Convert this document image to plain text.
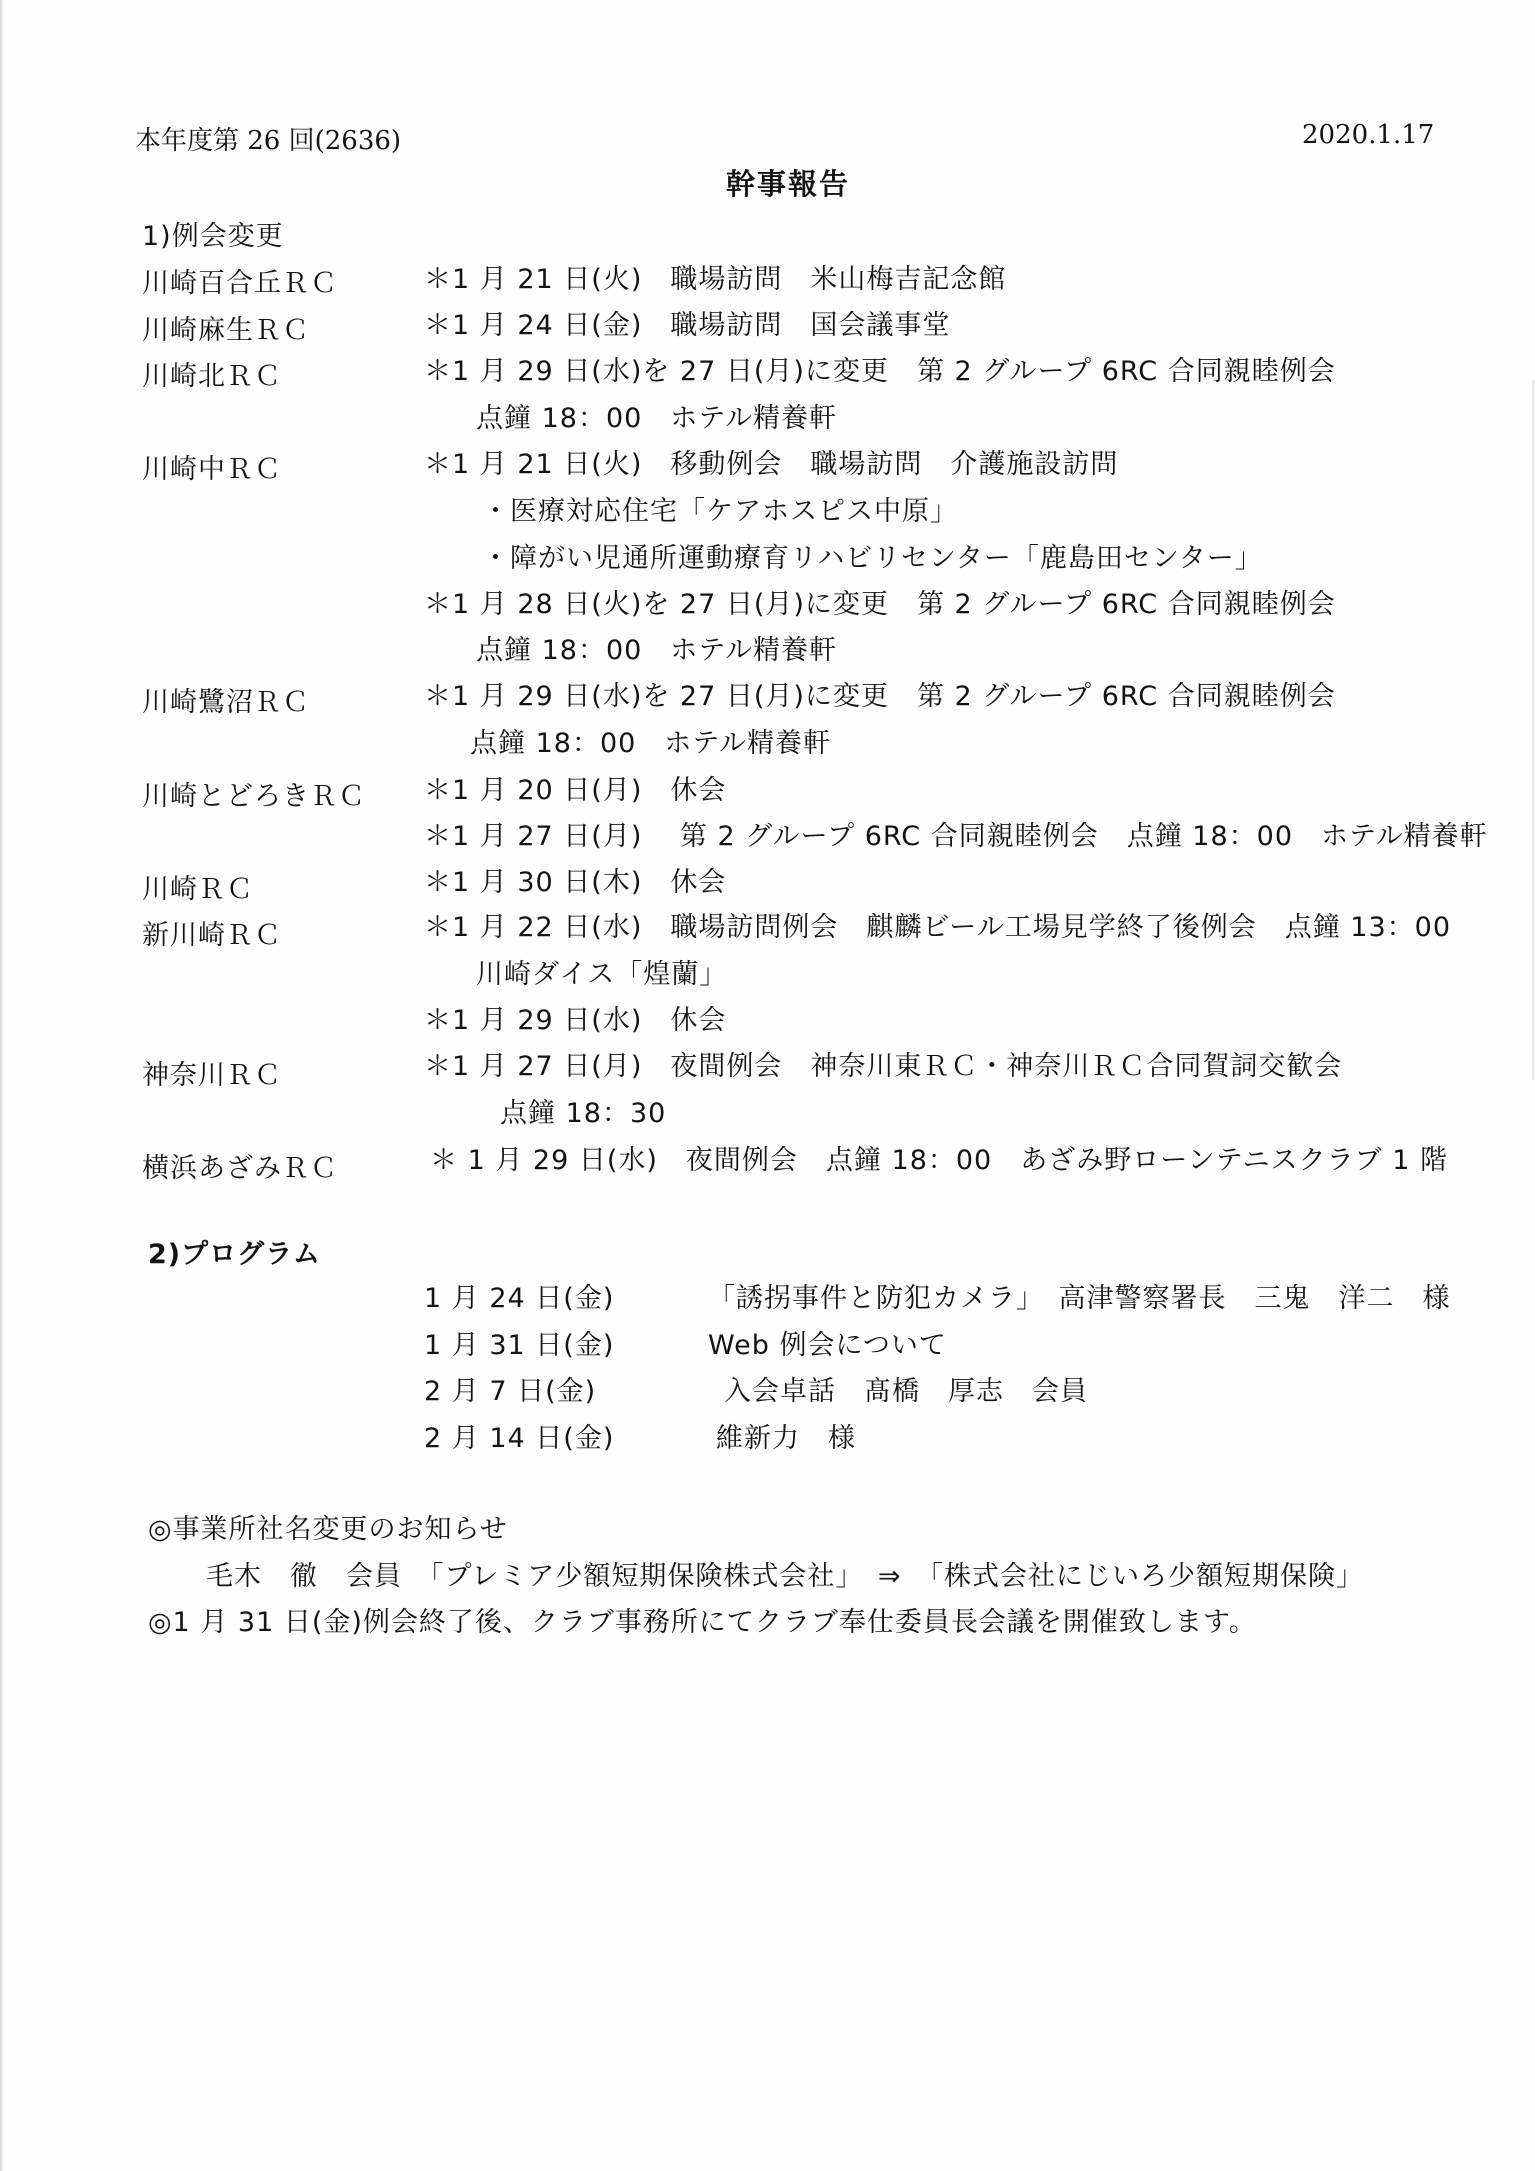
本年度第 26 回(2636)	2020.1.17
幹事報告
1)例会変更
川崎百合丘ＲＣ	＊1 月 21 日(火)　職場訪問　米山梅吉記念館
川崎麻生ＲＣ	＊1 月 24 日(金)　職場訪問　国会議事堂
川崎北ＲＣ	＊1 月 29 日(水)を 27 日(月)に変更　第 2 グループ 6RC 合同親睦例会
点鐘 18：00　ホテル精養軒
川崎中ＲＣ	＊1 月 21 日(火)　移動例会　職場訪問　介護施設訪問
・医療対応住宅「ケアホスピス中原」
・障がい児通所運動療育リハビリセンター「鹿島田センター」
＊1 月 28 日(火)を 27 日(月)に変更　第 2 グループ 6RC 合同親睦例会
点鐘 18：00　ホテル精養軒
川崎鷺沼ＲＣ	＊1 月 29 日(水)を 27 日(月)に変更　第 2 グループ 6RC 合同親睦例会
点鐘 18：00　ホテル精養軒
川崎とどろきＲＣ ＊1 月 20 日(月)　休会
＊1 月 27 日(月)　 第 2 グループ 6RC 合同親睦例会　点鐘 18：00　ホテル精養軒
川崎ＲＣ	＊1 月 30 日(木)　休会
新川崎ＲＣ	＊1 月 22 日(水)　職場訪問例会　麒麟ビール工場見学終了後例会　点鐘 13：00
川崎ダイス「煌蘭」
＊1 月 29 日(水)　休会
神奈川ＲＣ	＊1 月 27 日(月)　夜間例会　神奈川東ＲＣ・神奈川ＲＣ合同賀詞交歓会
点鐘 18：30
横浜あざみＲＣ	＊ 1 月 29 日(水)　夜間例会　点鐘 18：00　あざみ野ローンテニスクラブ 1 階
2)プログラム
1 月 24 日(金)	「誘拐事件と防犯カメラ」　高津警察署長　三鬼　洋二　様
1 月 31 日(金)	Web 例会について
2 月 7 日(金)	入会卓話　髙橋　厚志　会員
2 月 14 日(金)	維新力　様
◎事業所社名変更のお知らせ
毛木　徹　会員　「プレミア少額短期保険株式会社」　⇒　「株式会社にじいろ少額短期保険」
◎1 月 31 日(金)例会終了後、クラブ事務所にてクラブ奉仕委員長会議を開催致します。
